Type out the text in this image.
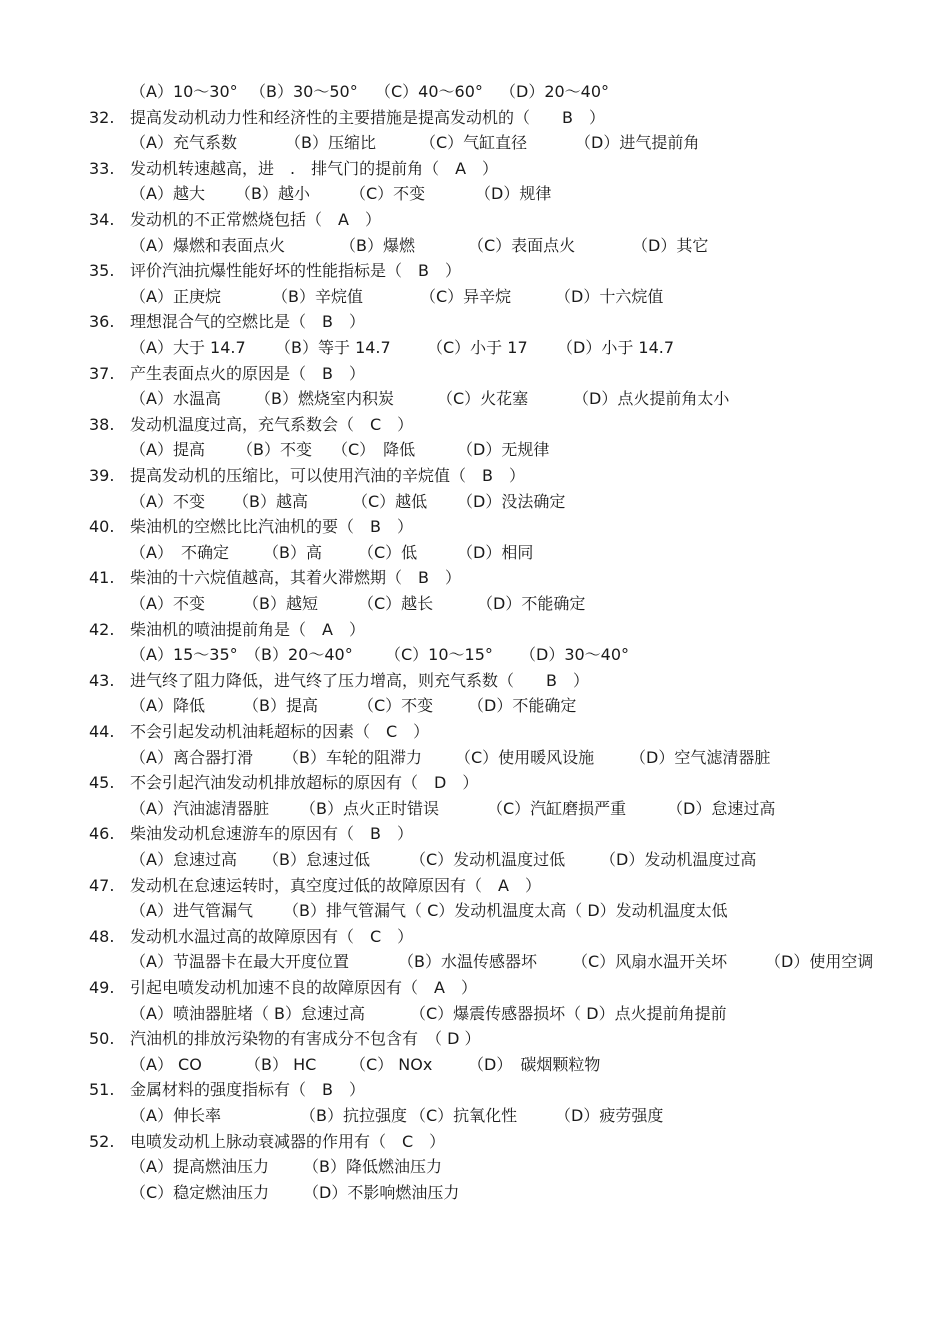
（A）10～30° （B）30～50° （C）40～60° （D）20～40°
32. 提高发动机动力性和经济性的主要措施是提高发动机的（　　B　）
（A）充气系数	（B）压缩比	（C）气缸直径	（D）进气提前角
33. 发动机转速越高，进　.　排气门的提前角（　A　）
（A）越大 （B）越小	（C）不变	（D）规律
34. 发动机的不正常燃烧包括（　A　）
（A）爆燃和表面点火	（B）爆燃	（C）表面点火	（D）其它
35. 评价汽油抗爆性能好坏的性能指标是（　B　）
（A）正庚烷	（B）辛烷值	（C）异辛烷	（D）十六烷值
36. 理想混合气的空燃比是（　B　）
（A）大于 14.7 （B）等于 14.7 （C）小于 17 （D）小于 14.7
37. 产生表面点火的原因是（　B　）
（A）水温高 （B）燃烧室内积炭	（C）火花塞	（D）点火提前角太小
38. 发动机温度过高，充气系数会（　C　）
（A）提高 （B）不变 （C）　降低	（D）无规律
39. 提高发动机的压缩比，可以使用汽油的辛烷值（　B　）
（A）不变 （B）越高	（C）越低 （D）没法确定
40. 柴油机的空燃比比汽油机的要（　B　）
（A）　不确定 （B）高 （C）低 （D）相同
41. 柴油的十六烷值越高，其着火滞燃期（　B　）
（A）不变 （B）越短	（C）越长	（D）不能确定
42. 柴油机的喷油提前角是（　A　）
（A）15～35° （B）20～40° （C）10～15° （D）30～40°
43. 进气终了阻力降低，进气终了压力增高，则充气系数（　　B　）
（A）降低 （B）提高	（C）不变 （D）不能确定
44. 不会引起发动机油耗超标的因素（　C　）
（A）离合器打滑 （B）车轮的阻滞力 （C）使用暖风设施 （D）空气滤清器脏
45. 不会引起汽油发动机排放超标的原因有（　D　）
（A）汽油滤清器脏 （B）点火正时错误	（C）汽缸磨损严重	（D）怠速过高
46. 柴油发动机怠速游车的原因有（　B　）
（A）怠速过高 （B）怠速过低	（C）发动机温度过低 （D）发动机温度过高
47. 发动机在怠速运转时，真空度过低的故障原因有（　A　）
（A）进气管漏气 （B）排气管漏气（ C）发动机温度太高（ D）发动机温度太低
48. 发动机水温过高的故障原因有（　C　）
（A）节温器卡在最大开度位置	（B）水温传感器坏 （C）风扇水温开关坏 （D）使用空调
49. 引起电喷发动机加速不良的故障原因有（　A　）
（A）喷油器脏堵（ B）怠速过高	（C）爆震传感器损坏（ D）点火提前角提前
50. 汽油机的排放污染物的有害成分不包含有　（ D ）
（A） CO	（B） HC （C） NOx （D）　碳烟颗粒物
51. 金属材料的强度指标有（　B　）
（A）伸长率	（B）抗拉强度 （C）抗氧化性 （D）疲劳强度
52. 电喷发动机上脉动衰减器的作用有（　C　）
（A）提高燃油压力 （B）降低燃油压力
（C）稳定燃油压力 （D）不影响燃油压力
